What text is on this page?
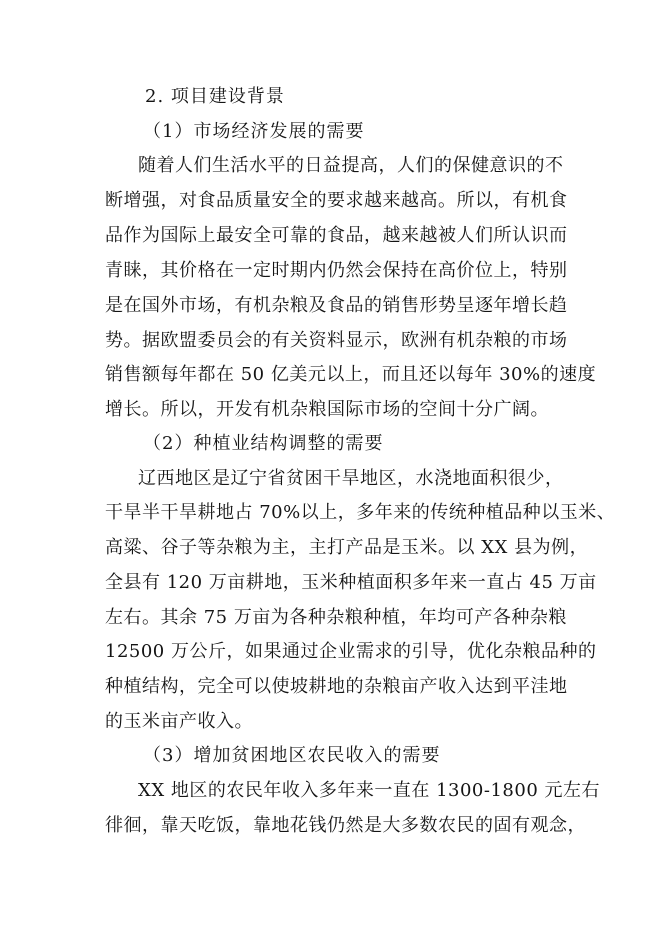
2. 项目建设背景
（1）市场经济发展的需要
随着人们生活水平的日益提高，人们的保健意识的不
断增强，对食品质量安全的要求越来越高。所以，有机食
品作为国际上最安全可靠的食品，越来越被人们所认识而
青睐，其价格在一定时期内仍然会保持在高价位上，特别
是在国外市场，有机杂粮及食品的销售形势呈逐年增长趋
势。据欧盟委员会的有关资料显示，欧洲有机杂粮的市场
销售额每年都在 50 亿美元以上，而且还以每年 30%的速度
增长。所以，开发有机杂粮国际市场的空间十分广阔。
（2）种植业结构调整的需要
辽西地区是辽宁省贫困干旱地区，水浇地面积很少，
干旱半干旱耕地占 70%以上，多年来的传统种植品种以玉米、
高粱、谷子等杂粮为主，主打产品是玉米。以 XX 县为例，
全县有 120 万亩耕地，玉米种植面积多年来一直占 45 万亩
左右。其余 75 万亩为各种杂粮种植，年均可产各种杂粮
12500 万公斤，如果通过企业需求的引导，优化杂粮品种的
种植结构，完全可以使坡耕地的杂粮亩产收入达到平洼地
的玉米亩产收入。
（3）增加贫困地区农民收入的需要
XX 地区的农民年收入多年来一直在 1300-1800 元左右
徘徊，靠天吃饭，靠地花钱仍然是大多数农民的固有观念，
